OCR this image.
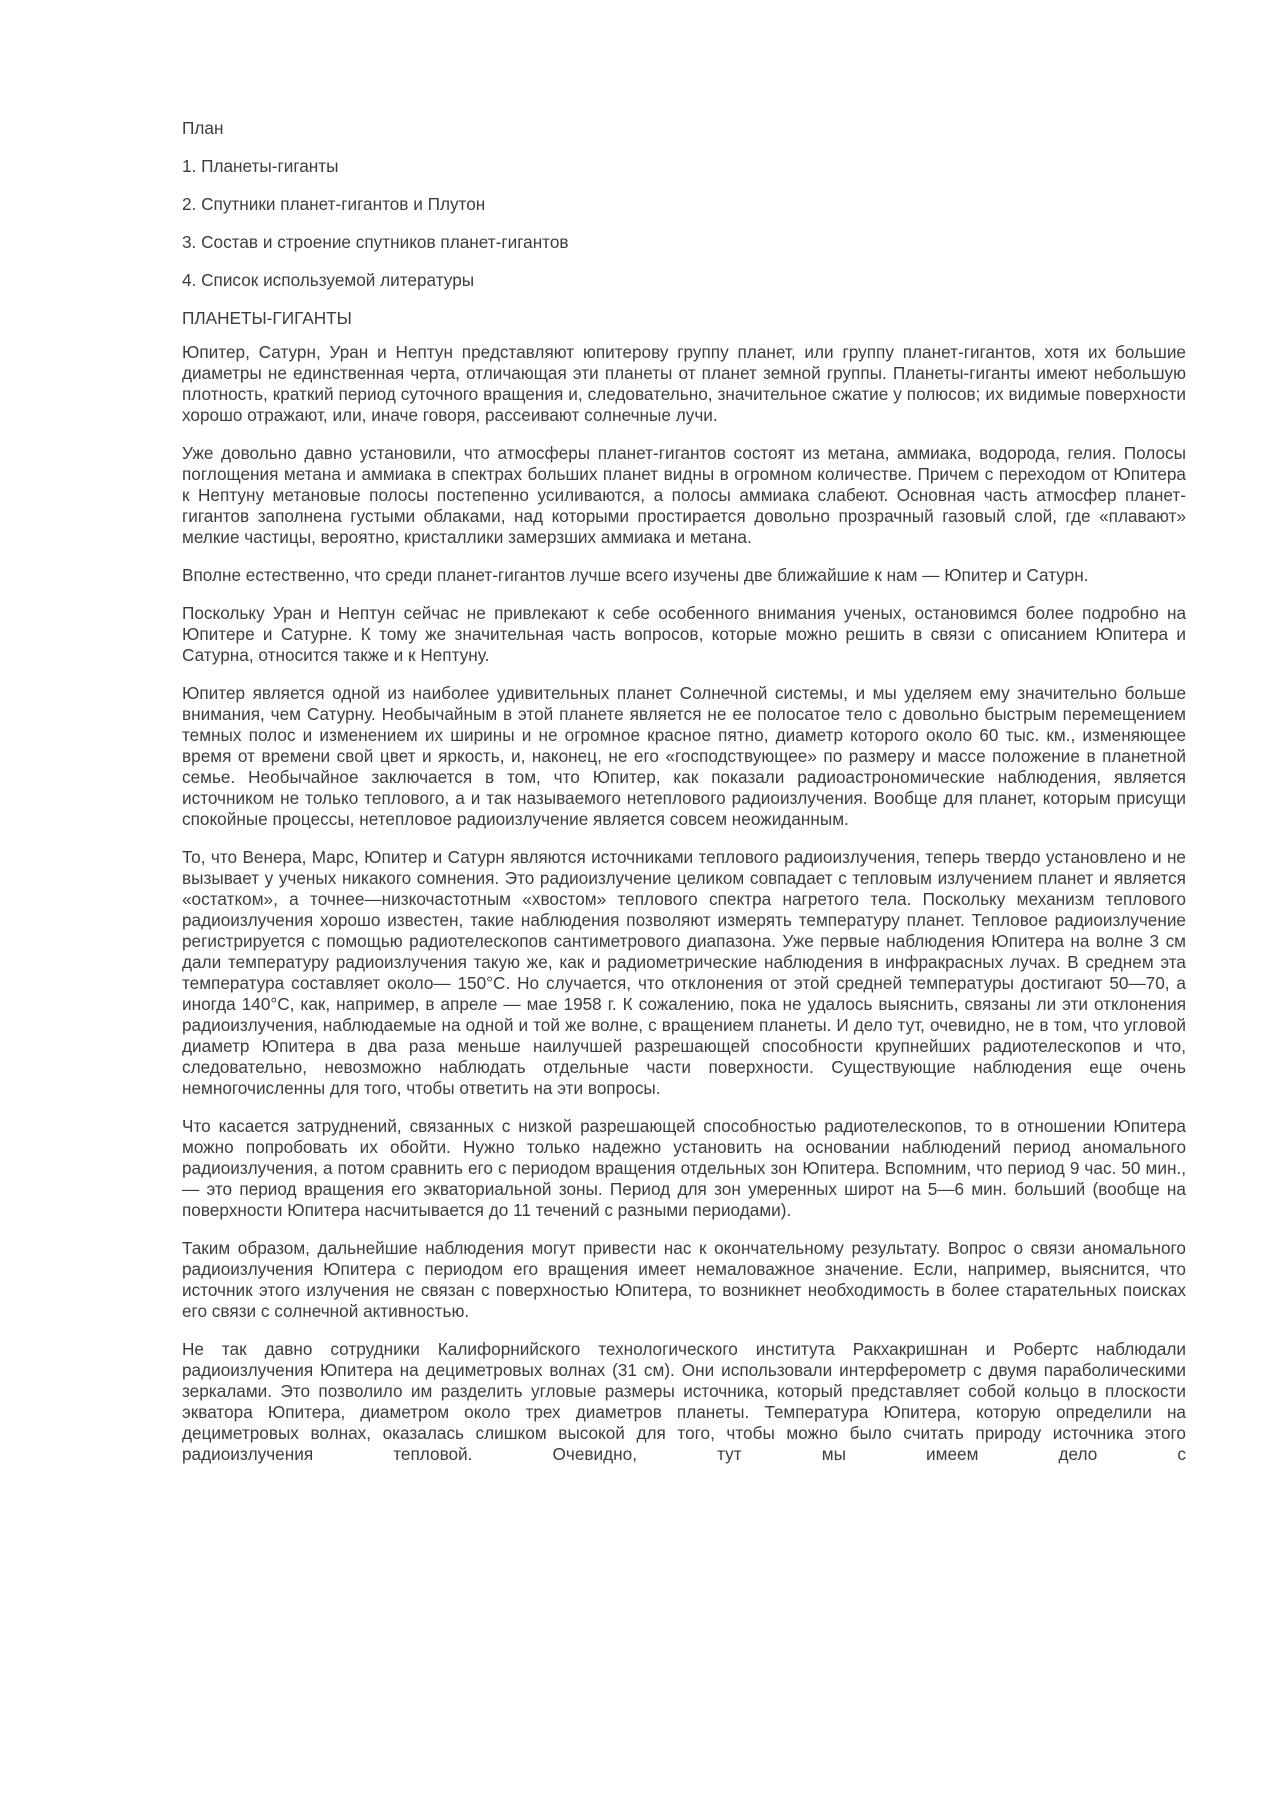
План

1. Планеты-гиганты

2. Спутники планет-гигантов и Плутон

3. Состав и строение спутников планет-гигантов

4. Список используемой литературы

ПЛАНЕТЫ-ГИГАНТЫ

Юпитер, Сатурн, Уран и Нептун представляют юпитерову группу планет, или группу планет-гигантов, хотя их большие диаметры не единственная черта, отличающая эти планеты от планет земной группы. Планеты-гиганты имеют небольшую плотность, краткий период суточного вращения и, следовательно, значительное сжатие у полюсов; их видимые поверхности хорошо отражают, или, иначе говоря, рассеивают солнечные лучи.

Уже довольно давно установили, что атмосферы планет-гигантов состоят из метана, аммиака, водорода, гелия. Полосы поглощения метана и аммиака в спектрах больших планет видны в огромном количестве. Причем с переходом от Юпитера к Нептуну метановые полосы постепенно усиливаются, а полосы аммиака слабеют. Основная часть атмосфер планет-гигантов заполнена густыми облаками, над которыми простирается довольно прозрачный газовый слой, где «плавают» мелкие частицы, вероятно, кристаллики замерзших аммиака и метана.

Вполне естественно, что среди планет-гигантов лучше всего изучены две ближайшие к нам — Юпитер и Сатурн.

Поскольку Уран и Нептун сейчас не привлекают к себе особенного внимания ученых, остановимся более подробно на Юпитере и Сатурне. К тому же значительная часть вопросов, которые можно решить в связи с описанием Юпитера и Сатурна, относится также и к Нептуну.

Юпитер является одной из наиболее удивительных планет Солнечной системы, и мы уделяем ему значительно больше внимания, чем Сатурну. Необычайным в этой планете является не ее полосатое тело с довольно быстрым перемещением темных полос и изменением их ширины и не огромное красное пятно, диаметр которого около 60 тыс. км., изменяющее время от времени свой цвет и яркость, и, наконец, не его «господствующее» по размеру и массе положение в планетной семье. Необычайное заключается в том, что Юпитер, как показали радиоастрономические наблюдения, является источником не только теплового, а и так называемого нетеплового радиоизлучения. Вообще для планет, которым присущи спокойные процессы, нетепловое радиоизлучение является совсем неожиданным.

То, что Венера, Марс, Юпитер и Сатурн являются источниками теплового радиоизлучения, теперь твердо установлено и не вызывает у ученых никакого сомнения. Это радиоизлучение целиком совпадает с тепловым излучением планет и является «остатком», а точнее—низкочастотным «хвостом» теплового спектра нагретого тела. Поскольку механизм теплового радиоизлучения хорошо известен, такие наблюдения позволяют измерять температуру планет. Тепловое радиоизлучение регистрируется с помощью радиотелескопов сантиметрового диапазона. Уже первые наблюдения Юпитера на волне 3 см дали температуру радиоизлучения такую же, как и радиометрические наблюдения в инфракрасных лучах. В среднем эта температура составляет около— 150°С. Но случается, что отклонения от этой средней температуры достигают 50—70, а иногда 140°С, как, например, в апреле — мае 1958 г. К сожалению, пока не удалось выяснить, связаны ли эти отклонения радиоизлучения, наблюдаемые на одной и той же волне, с вращением планеты. И дело тут, очевидно, не в том, что угловой диаметр Юпитера в два раза меньше наилучшей разрешающей способности крупнейших радиотелескопов и что, следовательно, невозможно наблюдать отдельные части поверхности. Существующие наблюдения еще очень немногочисленны для того, чтобы ответить на эти вопросы.

Что касается затруднений, связанных с низкой разрешающей способностью радиотелескопов, то в отношении Юпитера можно попробовать их обойти. Нужно только надежно установить на основании наблюдений период аномального радиоизлучения, а потом сравнить его с периодом вращения отдельных зон Юпитера. Вспомним, что период 9 час. 50 мин., — это период вращения его экваториальной зоны. Период для зон умеренных широт на 5—6 мин. больший (вообще на поверхности Юпитера насчитывается до 11 течений с разными периодами).

Таким образом, дальнейшие наблюдения могут привести нас к окончательному результату. Вопрос о связи аномального радиоизлучения Юпитера с периодом его вращения имеет немаловажное значение. Если, например, выяснится, что источник этого излучения не связан с поверхностью Юпитера, то возникнет необходимость в более старательных поисках его связи с солнечной активностью.

Не так давно сотрудники Калифорнийского технологического института Ракхакришнан и Робертс наблюдали радиоизлучения Юпитера на дециметровых волнах (31 см). Они использовали интерферометр с двумя параболическими зеркалами. Это позволило им разделить угловые размеры источника, который представляет собой кольцо в плоскости экватора Юпитера, диаметром около трех диаметров планеты. Температура Юпитера, которую определили на дециметровых волнах, оказалась слишком высокой для того, чтобы можно было считать природу источника этого радиоизлучения тепловой. Очевидно, тут мы имеем дело с
